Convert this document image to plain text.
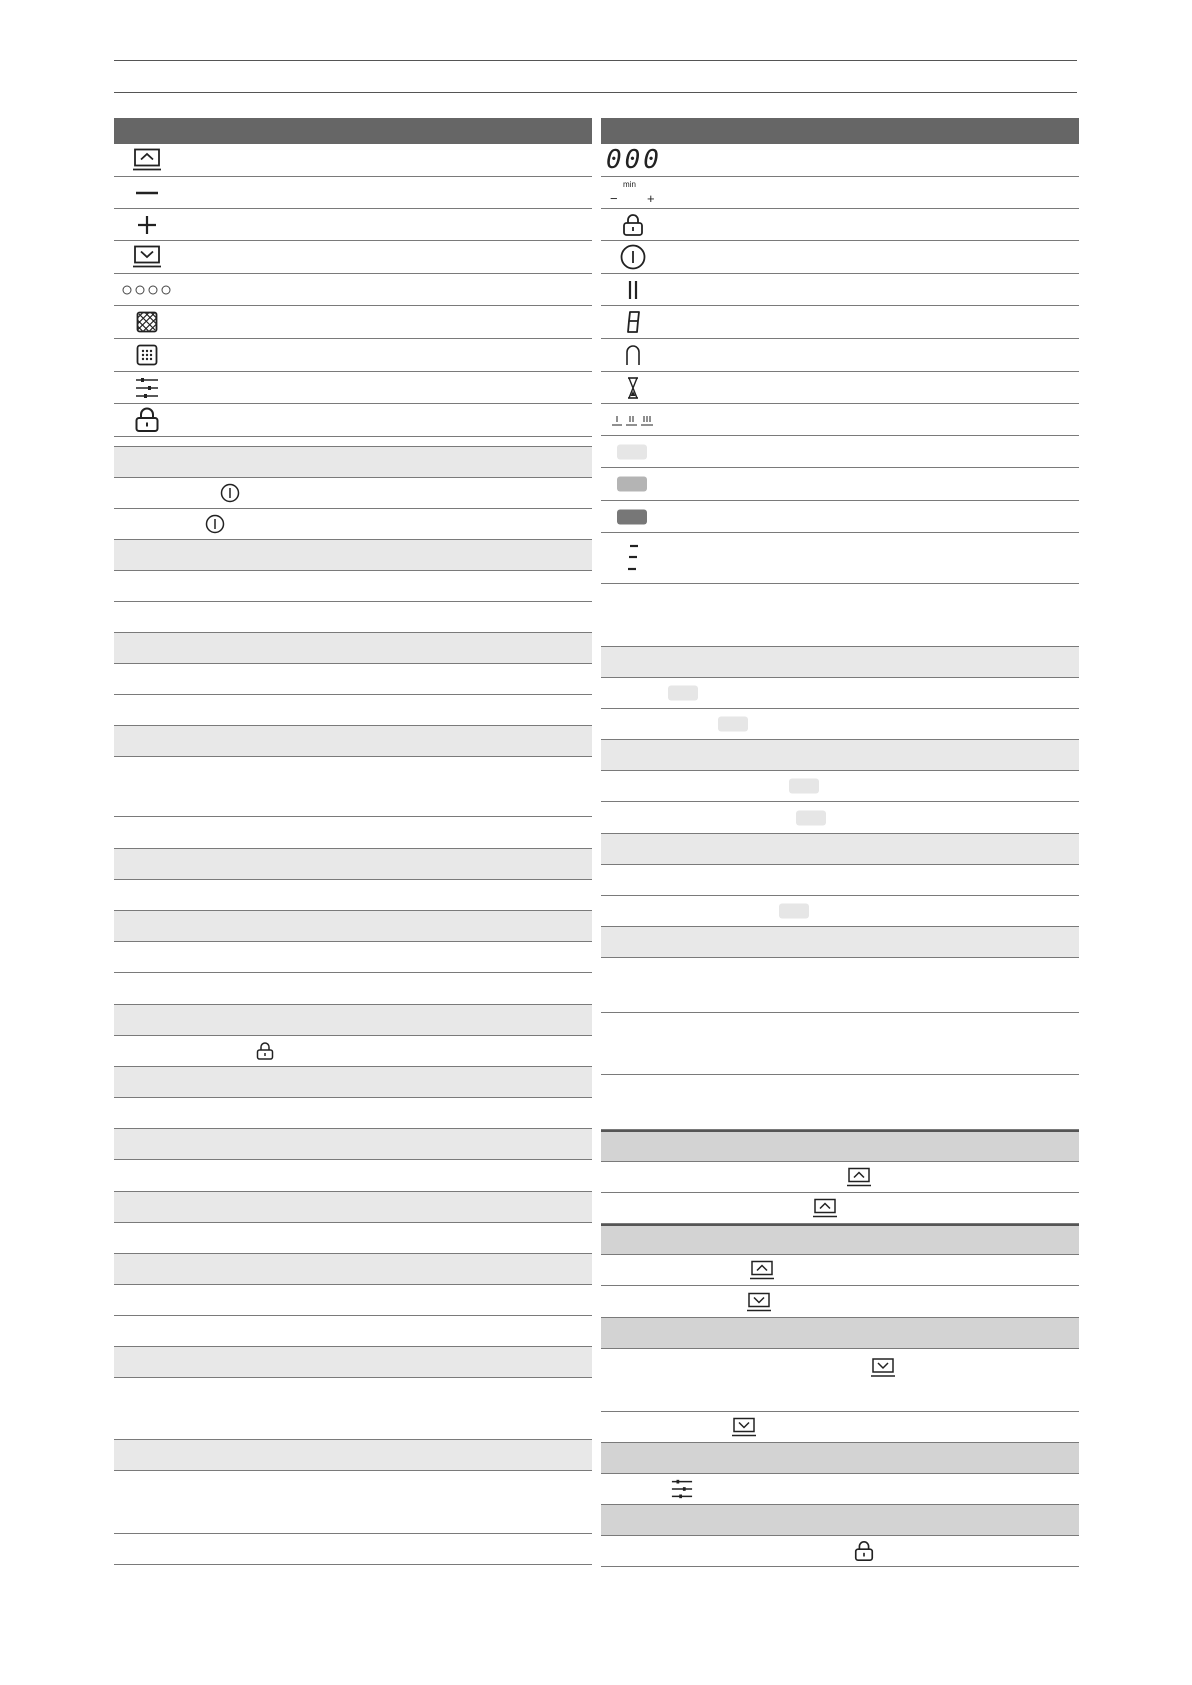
000
min
− +
